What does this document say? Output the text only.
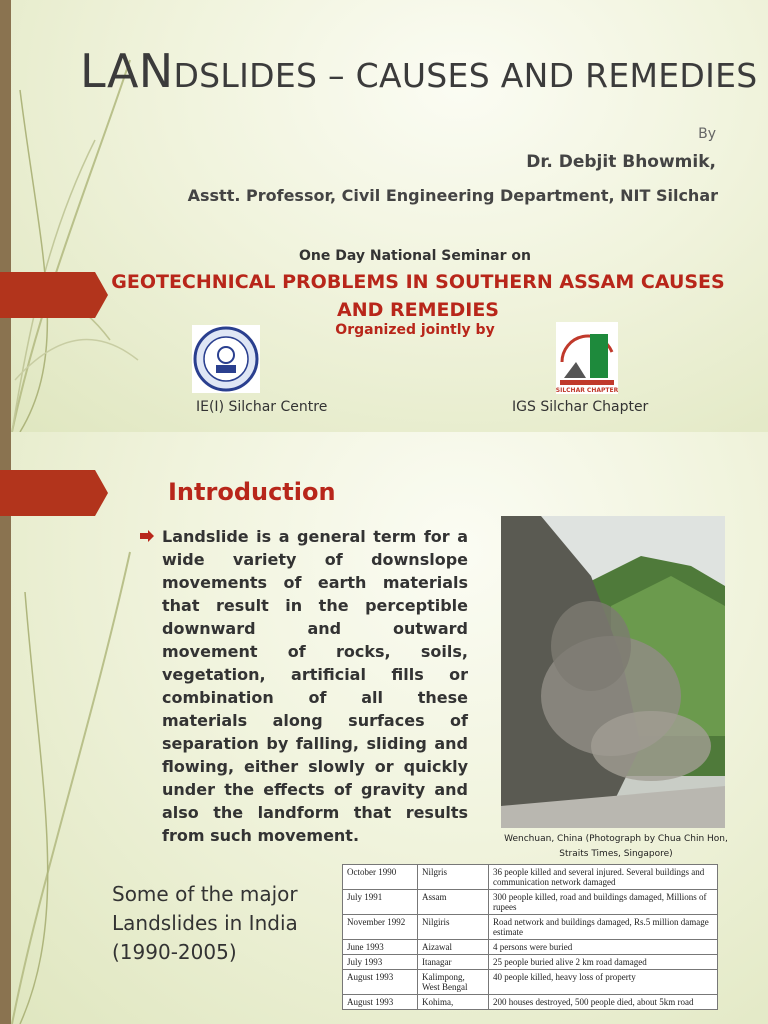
LANDSLIDES – CAUSES AND REMEDIES
By
Dr. Debjit Bhowmik,
Asstt. Professor, Civil Engineering Department, NIT Silchar
One Day National Seminar on
GEOTECHNICAL PROBLEMS IN SOUTHERN ASSAM CAUSES AND REMEDIES
Organized jointly by
SILCHAR CHAPTER
IE(I) Silchar Centre	IGS Silchar Chapter
Introduction
Landslide is a general term for a wide variety of downslope movements of earth materials that result in the perceptible downward and outward movement of rocks, soils, vegetation, artificial fills or combination of all these materials along surfaces of separation by falling, sliding and flowing, either slowly or quickly under the effects of gravity and also the landform that results from such movement.	Wenchuan, China (Photograph by Chua Chin Hon, Straits Times, Singapore)
Some of the major Landslides in India (1990-2005)
October 1990	Nilgris	36 people killed and several injured. Several buildings and communication network damaged
July 1991	Assam	300 people killed, road and buildings damaged, Millions of rupees
November 1992	Nilgiris	Road network and buildings damaged, Rs.5 million damage estimate
June 1993	Aizawal	4 persons were buried
July 1993	Itanagar	25 people buried alive 2 km road damaged
August 1993	Kalimpong, West Bengal	40 people killed, heavy loss of property
August 1993	Kohima,	200 houses destroyed, 500 people died, about 5km road
